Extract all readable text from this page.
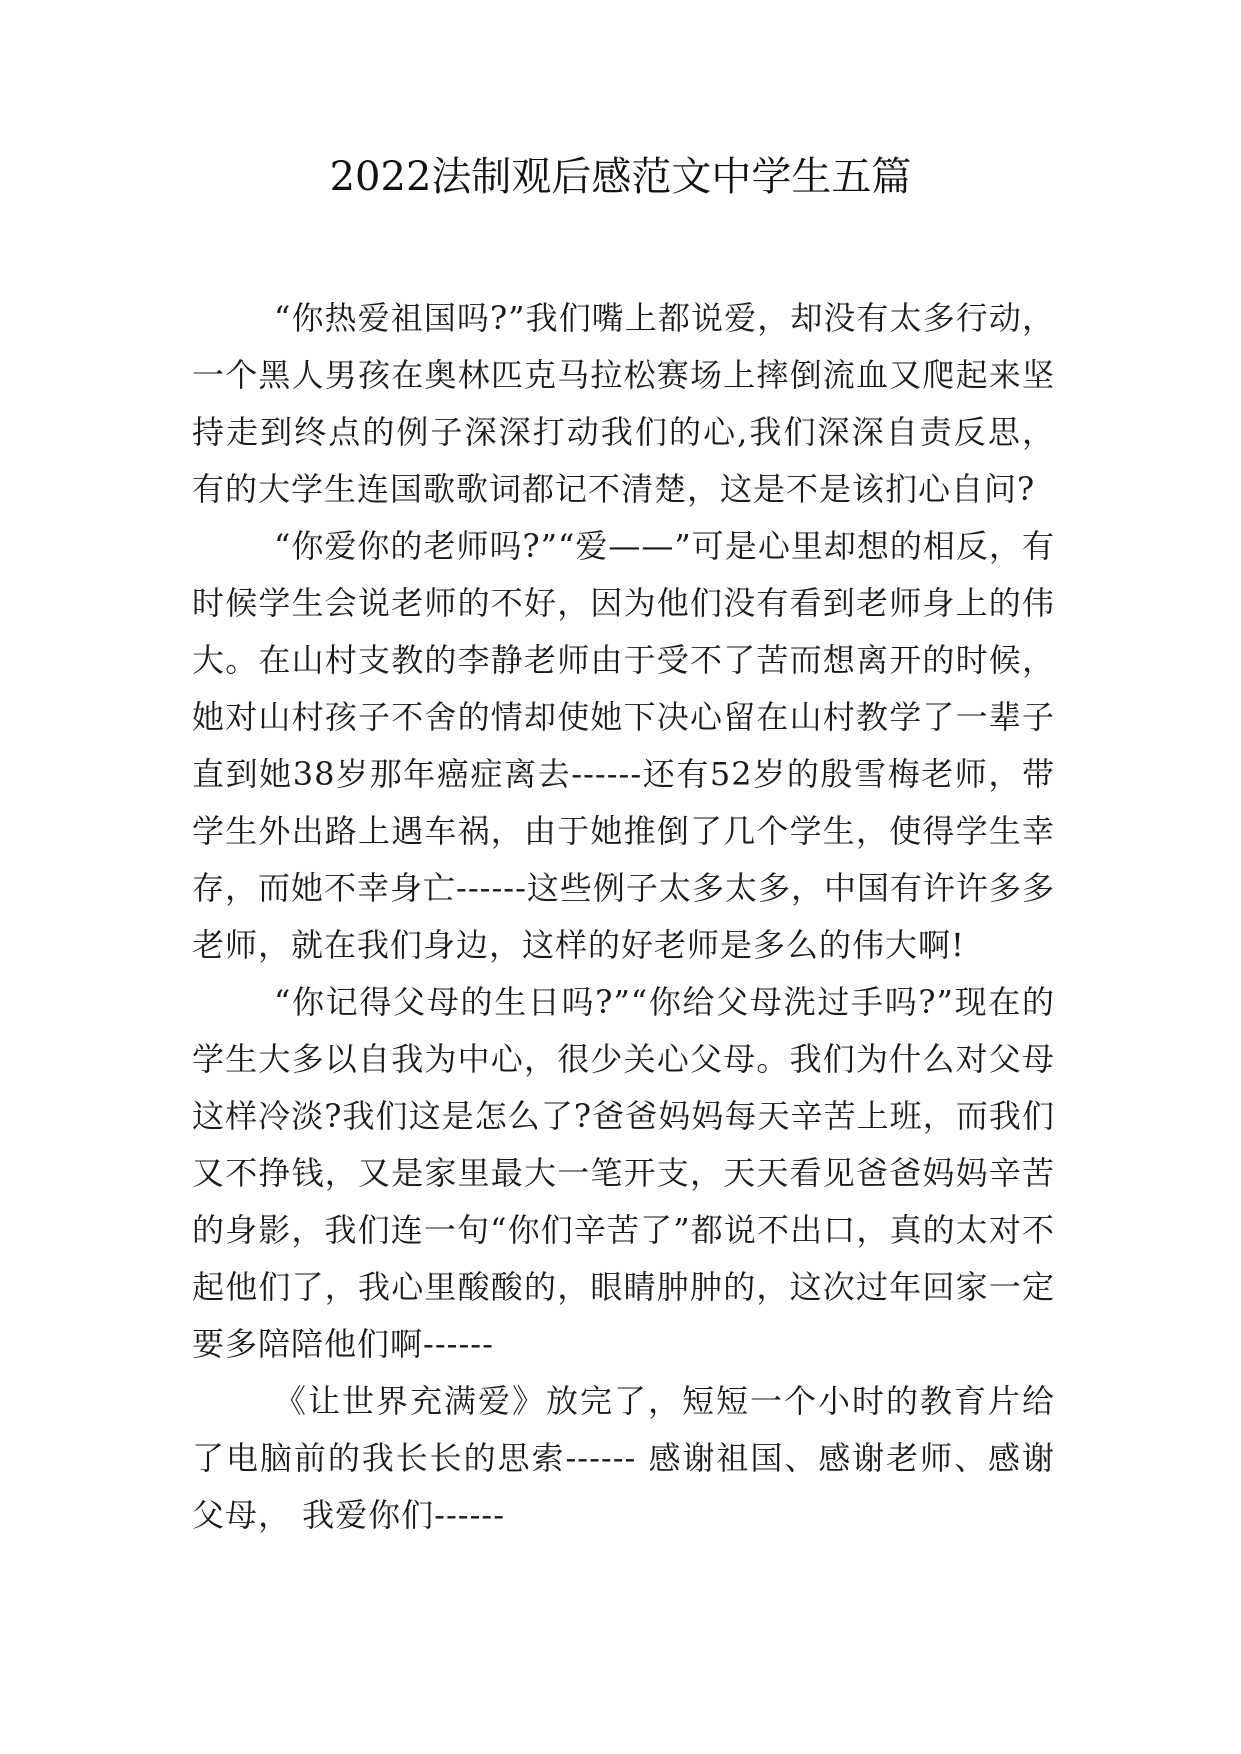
2022法制观后感范文中学生五篇

“你热爱祖国吗?”我们嘴上都说爱，却没有太多行动，一个黑人男孩在奥林匹克马拉松赛场上摔倒流血又爬起来坚持走到终点的例子深深打动我们的心,我们深深自责反思，有的大学生连国歌歌词都记不清楚，这是不是该扪心自问?

“你爱你的老师吗?”“爱——”可是心里却想的相反，有时候学生会说老师的不好，因为他们没有看到老师身上的伟大。在山村支教的李静老师由于受不了苦而想离开的时候，她对山村孩子不舍的情却使她下决心留在山村教学了一辈子直到她38岁那年癌症离去------还有52岁的殷雪梅老师，带学生外出路上遇车祸，由于她推倒了几个学生，使得学生幸存，而她不幸身亡------这些例子太多太多，中国有许许多多老师，就在我们身边，这样的好老师是多么的伟大啊!

“你记得父母的生日吗?”“你给父母洗过手吗?”现在的学生大多以自我为中心，很少关心父母。我们为什么对父母这样冷淡?我们这是怎么了?爸爸妈妈每天辛苦上班，而我们又不挣钱，又是家里最大一笔开支，天天看见爸爸妈妈辛苦的身影，我们连一句“你们辛苦了”都说不出口，真的太对不起他们了，我心里酸酸的，眼睛肿肿的，这次过年回家一定要多陪陪他们啊------

《让世界充满爱》放完了，短短一个小时的教育片给了电脑前的我长长的思索------ 感谢祖国、感谢老师、感谢父母， 我爱你们------
